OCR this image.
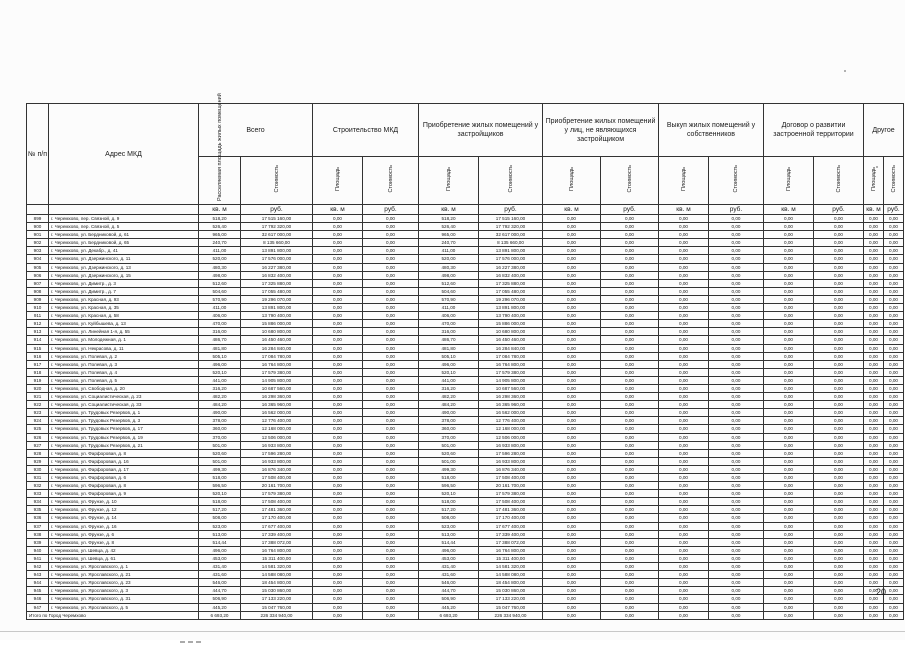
№ п/п	Адрес МКД	Всего		Строительство МКД		Приобретение жилых помещений у застройщиков		Приобретение жилых помещений у лиц, не являющихся застройщиком		Выкуп жилых помещений у собственников		Договор о развитии застроенной территории		Другое	
		Расселяемая площадь жилых помещений	Стоимость	Площадь	Стоимость	Площадь	Стоимость	Площадь	Стоимость	Площадь	Стоимость	Площадь	Стоимость	Площадь	Стоимость
		кв. м	руб.	кв. м	руб.	кв. м	руб.	кв. м	руб.	кв. м	руб.	кв. м	руб.	кв. м	руб.
899	г. Черемхово, пер. Связной, д. 9	518,20	17 515 160,00	0,00	0,00	518,20	17 515 160,00	0,00	0,00	0,00	0,00	0,00	0,00	0,00	0,00
900	г. Черемхово, пер. Связной, д. 5	526,40	17 792 320,00	0,00	0,00	526,40	17 792 320,00	0,00	0,00	0,00	0,00	0,00	0,00	0,00	0,00
901	г. Черемхово, ул. Бердниковой, д. 61	965,00	32 617 000,00	0,00	0,00	965,00	32 617 000,00	0,00	0,00	0,00	0,00	0,00	0,00	0,00	0,00
902	г. Черемхово, ул. Бердниковой, д. 65	240,70	8 135 660,00	0,00	0,00	240,70	8 135 660,00	0,00	0,00	0,00	0,00	0,00	0,00	0,00	0,00
903	г. Черемхово, ул. Декабр., д. 41	411,00	13 891 800,00	0,00	0,00	411,00	13 891 800,00	0,00	0,00	0,00	0,00	0,00	0,00	0,00	0,00
904	г. Черемхово, ул. Дзержинского, д. 11	520,00	17 576 000,00	0,00	0,00	520,00	17 576 000,00	0,00	0,00	0,00	0,00	0,00	0,00	0,00	0,00
905	г. Черемхово, ул. Дзержинского, д. 13	480,30	16 227 380,00	0,00	0,00	480,30	16 227 380,00	0,00	0,00	0,00	0,00	0,00	0,00	0,00	0,00
906	г. Черемхово, ул. Дзержинского, д. 15	498,00	16 832 400,00	0,00	0,00	498,00	16 832 400,00	0,00	0,00	0,00	0,00	0,00	0,00	0,00	0,00
907	г. Черемхово, ул. Димитр., д. 3	512,60	17 325 880,00	0,00	0,00	512,60	17 325 880,00	0,00	0,00	0,00	0,00	0,00	0,00	0,00	0,00
908	г. Черемхово, ул. Димитр., д. 7	504,60	17 055 480,00	0,00	0,00	504,60	17 055 480,00	0,00	0,00	0,00	0,00	0,00	0,00	0,00	0,00
909	г. Черемхово, ул. Красная, д. 93	570,90	19 296 070,00	0,00	0,00	570,90	19 296 070,00	0,00	0,00	0,00	0,00	0,00	0,00	0,00	0,00
910	г. Черемхово, ул. Красная, д. 35	411,00	13 891 800,00	0,00	0,00	411,00	13 891 800,00	0,00	0,00	0,00	0,00	0,00	0,00	0,00	0,00
911	г. Черемхово, ул. Красная, д. 58	406,00	13 790 400,00	0,00	0,00	406,00	13 790 400,00	0,00	0,00	0,00	0,00	0,00	0,00	0,00	0,00
912	г. Черемхово, ул. Куйбышева, д. 13	470,00	15 886 000,00	0,00	0,00	470,00	15 886 000,00	0,00	0,00	0,00	0,00	0,00	0,00	0,00	0,00
913	г. Черемхово, ул. Линейная 1-я, д. 55	316,00	10 680 800,00	0,00	0,00	316,00	10 680 800,00	0,00	0,00	0,00	0,00	0,00	0,00	0,00	0,00
914	г. Черемхово, ул. Молодежная, д. 1	486,70	16 450 460,00	0,00	0,00	486,70	16 450 460,00	0,00	0,00	0,00	0,00	0,00	0,00	0,00	0,00
915	г. Черемхово, ул. Некрасова, д. 11	481,80	16 284 840,00	0,00	0,00	481,80	16 284 840,00	0,00	0,00	0,00	0,00	0,00	0,00	0,00	0,00
916	г. Черемхово, ул. Полевая, д. 2	505,10	17 084 780,00	0,00	0,00	505,10	17 084 780,00	0,00	0,00	0,00	0,00	0,00	0,00	0,00	0,00
917	г. Черемхово, ул. Полевая, д. 3	496,00	16 764 800,00	0,00	0,00	496,00	16 764 800,00	0,00	0,00	0,00	0,00	0,00	0,00	0,00	0,00
918	г. Черемхово, ул. Полевая, д. 4	520,10	17 579 380,00	0,00	0,00	520,10	17 579 380,00	0,00	0,00	0,00	0,00	0,00	0,00	0,00	0,00
919	г. Черемхово, ул. Полевая, д. 5	441,00	14 905 800,00	0,00	0,00	441,00	14 905 800,00	0,00	0,00	0,00	0,00	0,00	0,00	0,00	0,00
920	г. Черемхово, ул. Свободная, д. 20	316,20	10 687 560,00	0,00	0,00	316,20	10 687 560,00	0,00	0,00	0,00	0,00	0,00	0,00	0,00	0,00
921	г. Черемхово, ул. Социалистическая, д. 23	482,20	16 298 360,00	0,00	0,00	482,20	16 298 360,00	0,00	0,00	0,00	0,00	0,00	0,00	0,00	0,00
922	г. Черемхово, ул. Социалистическая, д. 33	484,20	16 365 960,00	0,00	0,00	484,20	16 365 960,00	0,00	0,00	0,00	0,00	0,00	0,00	0,00	0,00
923	г. Черемхово, ул. Трудовых Резервов, д. 1	490,00	16 562 000,00	0,00	0,00	490,00	16 562 000,00	0,00	0,00	0,00	0,00	0,00	0,00	0,00	0,00
924	г. Черемхово, ул. Трудовых Резервов, д. 3	378,00	12 776 400,00	0,00	0,00	378,00	12 776 400,00	0,00	0,00	0,00	0,00	0,00	0,00	0,00	0,00
925	г. Черемхово, ул. Трудовых Резервов, д. 17	360,00	12 168 000,00	0,00	0,00	360,00	12 168 000,00	0,00	0,00	0,00	0,00	0,00	0,00	0,00	0,00
926	г. Черемхово, ул. Трудовых Резервов, д. 19	370,00	12 506 000,00	0,00	0,00	370,00	12 506 000,00	0,00	0,00	0,00	0,00	0,00	0,00	0,00	0,00
927	г. Черемхово, ул. Трудовых Резервов, д. 21	501,00	16 933 800,00	0,00	0,00	501,00	16 933 800,00	0,00	0,00	0,00	0,00	0,00	0,00	0,00	0,00
928	г. Черемхово, ул. Фарфоровая, д. 8	520,60	17 596 280,00	0,00	0,00	520,60	17 596 280,00	0,00	0,00	0,00	0,00	0,00	0,00	0,00	0,00
929	г. Черемхово, ул. Фарфоровая, д. 16	501,00	16 933 800,00	0,00	0,00	501,00	16 933 800,00	0,00	0,00	0,00	0,00	0,00	0,00	0,00	0,00
930	г. Черемхово, ул. Фарфоровая, д. 17	499,30	16 876 340,00	0,00	0,00	499,30	16 876 340,00	0,00	0,00	0,00	0,00	0,00	0,00	0,00	0,00
931	г. Черемхово, ул. Фарфоровая, д. 6	518,00	17 508 400,00	0,00	0,00	518,00	17 508 400,00	0,00	0,00	0,00	0,00	0,00	0,00	0,00	0,00
932	г. Черемхово, ул. Фарфоровая, д. 8	596,50	20 161 700,00	0,00	0,00	596,50	20 161 700,00	0,00	0,00	0,00	0,00	0,00	0,00	0,00	0,00
933	г. Черемхово, ул. Фарфоровая, д. 9	520,10	17 579 380,00	0,00	0,00	520,10	17 579 380,00	0,00	0,00	0,00	0,00	0,00	0,00	0,00	0,00
934	г. Черемхово, ул. Фрунзе, д. 10	518,00	17 508 400,00	0,00	0,00	518,00	17 508 400,00	0,00	0,00	0,00	0,00	0,00	0,00	0,00	0,00
935	г. Черемхово, ул. Фрунзе, д. 12	517,20	17 481 360,00	0,00	0,00	517,20	17 481 360,00	0,00	0,00	0,00	0,00	0,00	0,00	0,00	0,00
936	г. Черемхово, ул. Фрунзе, д. 14	508,00	17 170 400,00	0,00	0,00	508,00	17 170 400,00	0,00	0,00	0,00	0,00	0,00	0,00	0,00	0,00
937	г. Черемхово, ул. Фрунзе, д. 16	523,00	17 677 400,00	0,00	0,00	523,00	17 677 400,00	0,00	0,00	0,00	0,00	0,00	0,00	0,00	0,00
938	г. Черемхово, ул. Фрунзе, д. 6	513,00	17 339 400,00	0,00	0,00	513,00	17 339 400,00	0,00	0,00	0,00	0,00	0,00	0,00	0,00	0,00
939	г. Черемхово, ул. Фрунзе, д. 8	514,44	17 388 072,00	0,00	0,00	514,44	17 388 072,00	0,00	0,00	0,00	0,00	0,00	0,00	0,00	0,00
940	г. Черемхово, ул. Шевца, д. 42	496,00	16 764 800,00	0,00	0,00	496,00	16 764 800,00	0,00	0,00	0,00	0,00	0,00	0,00	0,00	0,00
941	г. Черемхово, ул. Шевца, д. 61	453,00	15 311 400,00	0,00	0,00	453,00	15 311 400,00	0,00	0,00	0,00	0,00	0,00	0,00	0,00	0,00
942	г. Черемхово, ул. Ярославского, д. 1	431,40	14 581 320,00	0,00	0,00	431,40	14 581 320,00	0,00	0,00	0,00	0,00	0,00	0,00	0,00	0,00
943	г. Черемхово, ул. Ярославского, д. 21	431,60	14 588 080,00	0,00	0,00	431,60	14 588 080,00	0,00	0,00	0,00	0,00	0,00	0,00	0,00	0,00
944	г. Черемхово, ул. Ярославского, д. 23	546,00	18 454 800,00	0,00	0,00	546,00	18 454 800,00	0,00	0,00	0,00	0,00	0,00	0,00	0,00	0,00
945	г. Черемхово, ул. Ярославского, д. 3	444,70	15 030 860,00	0,00	0,00	444,70	15 030 860,00	0,00	0,00	0,00	0,00	0,00	0,00	0,00	0,00
946	г. Черемхово, ул. Ярославского, д. 31	506,90	17 133 220,00	0,00	0,00	506,90	17 133 220,00	0,00	0,00	0,00	0,00	0,00	0,00	0,00	0,00
947	г. Черемхово, ул. Ярославского, д. 5	445,20	15 047 760,00	0,00	0,00	445,20	15 047 760,00	0,00	0,00	0,00	0,00	0,00	0,00	0,00	0,00
Итого по Город Черемхово		6 693,20	226 334 940,00	0,00	0,00	6 693,20	226 334 940,00	0,00	0,00	0,00	0,00	0,00	0,00	0,00	0,00
20
